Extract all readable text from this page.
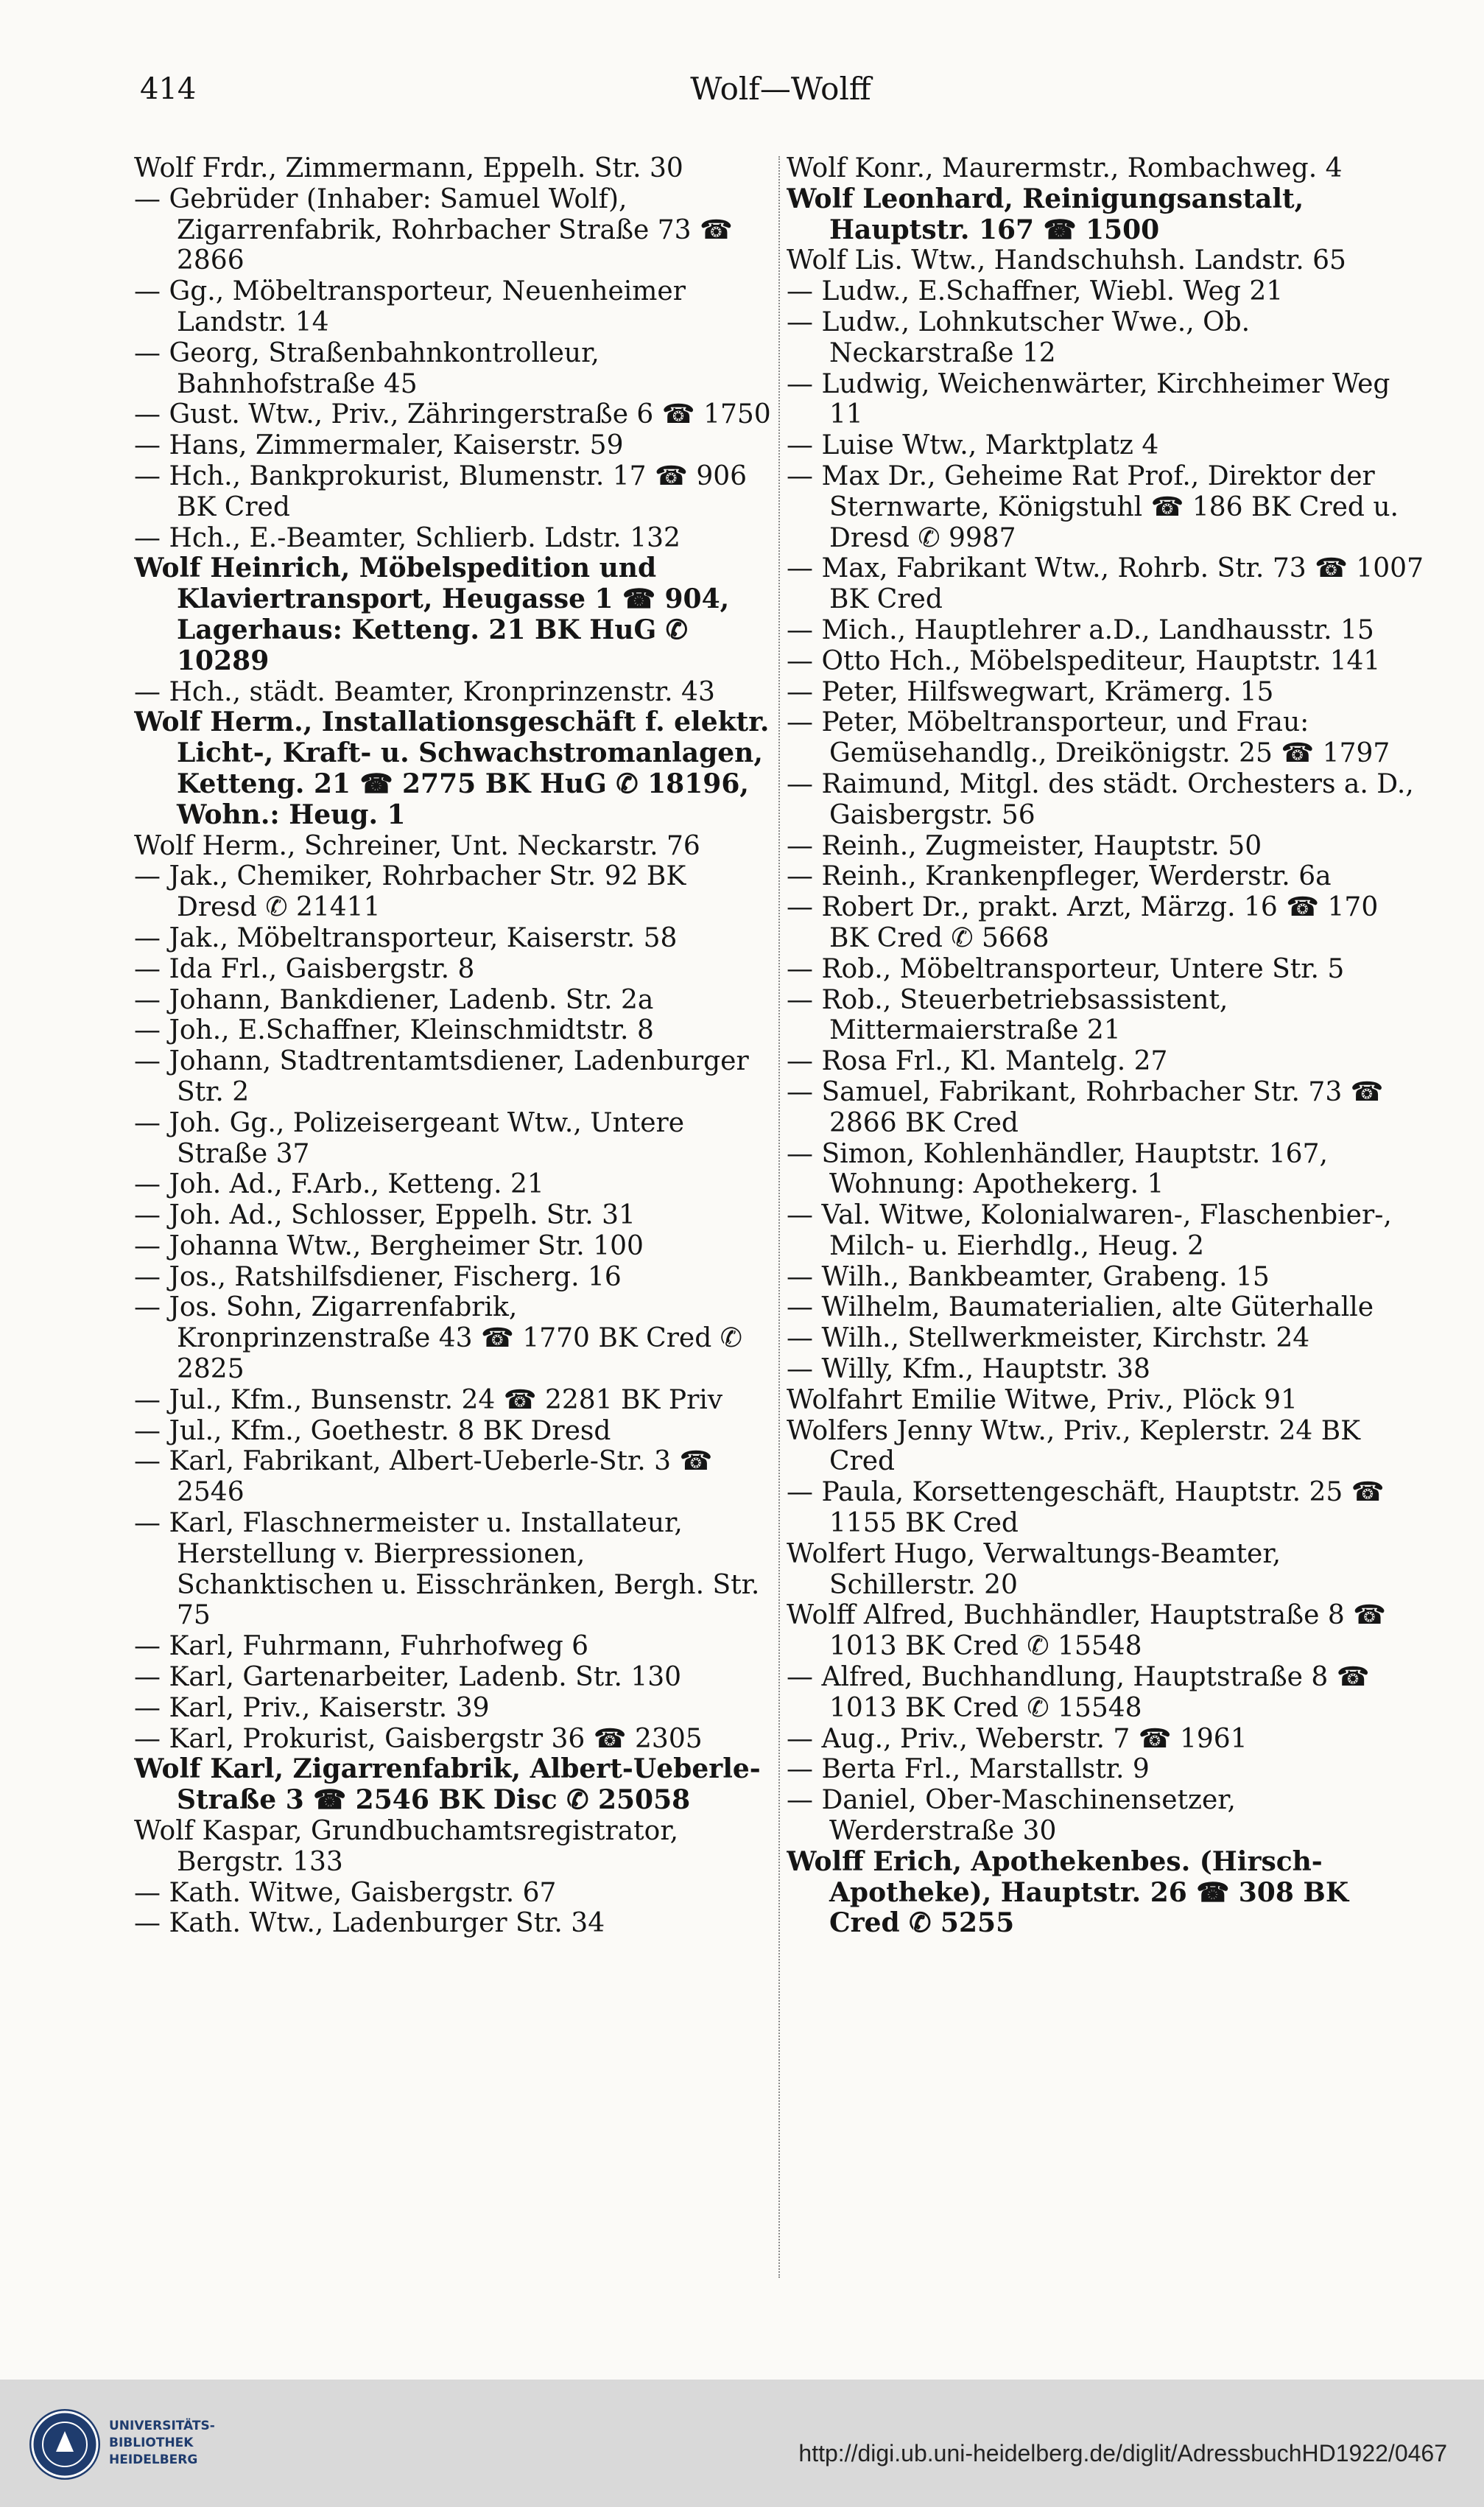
414	Wolf—Wolff

Wolf Frdr., Zimmermann, Eppelh. Str. 30

— Gebrüder (Inhaber: Samuel Wolf), Zigarrenfabrik, Rohrbacher Straße 73 ☎ 2866

— Gg., Möbeltransporteur, Neuenheimer Landstr. 14

— Georg, Straßenbahnkontrolleur, Bahnhofstraße 45

— Gust. Wtw., Priv., Zähringerstraße 6 ☎ 1750

— Hans, Zimmermaler, Kaiserstr. 59

— Hch., Bankprokurist, Blumenstr. 17 ☎ 906 BK Cred

— Hch., E.-Beamter, Schlierb. Ldstr. 132

Wolf Heinrich, Möbelspedition und Klaviertransport, Heugasse 1 ☎ 904, Lagerhaus: Ketteng. 21 BK HuG ✆ 10289

— Hch., städt. Beamter, Kronprinzenstr. 43

Wolf Herm., Installationsgeschäft f. elektr. Licht-, Kraft- u. Schwachstromanlagen, Ketteng. 21 ☎ 2775 BK HuG ✆ 18196, Wohn.: Heug. 1

Wolf Herm., Schreiner, Unt. Neckarstr. 76

— Jak., Chemiker, Rohrbacher Str. 92 BK Dresd ✆ 21411

— Jak., Möbeltransporteur, Kaiserstr. 58

— Ida Frl., Gaisbergstr. 8

— Johann, Bankdiener, Ladenb. Str. 2a

— Joh., E.Schaffner, Kleinschmidtstr. 8

— Johann, Stadtrentamtsdiener, Ladenburger Str. 2

— Joh. Gg., Polizeisergeant Wtw., Untere Straße 37

— Joh. Ad., F.Arb., Ketteng. 21

— Joh. Ad., Schlosser, Eppelh. Str. 31

— Johanna Wtw., Bergheimer Str. 100

— Jos., Ratshilfsdiener, Fischerg. 16

— Jos. Sohn, Zigarrenfabrik, Kronprinzenstraße 43 ☎ 1770 BK Cred ✆ 2825

— Jul., Kfm., Bunsenstr. 24 ☎ 2281 BK Priv

— Jul., Kfm., Goethestr. 8 BK Dresd

— Karl, Fabrikant, Albert-Ueberle-Str. 3 ☎ 2546

— Karl, Flaschnermeister u. Installateur, Herstellung v. Bierpressionen, Schanktischen u. Eisschränken, Bergh. Str. 75

— Karl, Fuhrmann, Fuhrhofweg 6

— Karl, Gartenarbeiter, Ladenb. Str. 130

— Karl, Priv., Kaiserstr. 39

— Karl, Prokurist, Gaisbergstr 36 ☎ 2305

Wolf Karl, Zigarrenfabrik, Albert-Ueberle-Straße 3 ☎ 2546 BK Disc ✆ 25058

Wolf Kaspar, Grundbuchamtsregistrator, Bergstr. 133

— Kath. Witwe, Gaisbergstr. 67

— Kath. Wtw., Ladenburger Str. 34

Wolf Konr., Maurermstr., Rombachweg. 4

Wolf Leonhard, Reinigungsanstalt, Hauptstr. 167 ☎ 1500

Wolf Lis. Wtw., Handschuhsh. Landstr. 65

— Ludw., E.Schaffner, Wiebl. Weg 21

— Ludw., Lohnkutscher Wwe., Ob. Neckarstraße 12

— Ludwig, Weichenwärter, Kirchheimer Weg 11

— Luise Wtw., Marktplatz 4

— Max Dr., Geheime Rat Prof., Direktor der Sternwarte, Königstuhl ☎ 186 BK Cred u. Dresd ✆ 9987

— Max, Fabrikant Wtw., Rohrb. Str. 73 ☎ 1007 BK Cred

— Mich., Hauptlehrer a.D., Landhausstr. 15

— Otto Hch., Möbelspediteur, Hauptstr. 141

— Peter, Hilfswegwart, Krämerg. 15

— Peter, Möbeltransporteur, und Frau: Gemüsehandlg., Dreikönigstr. 25 ☎ 1797

— Raimund, Mitgl. des städt. Orchesters a. D., Gaisbergstr. 56

— Reinh., Zugmeister, Hauptstr. 50

— Reinh., Krankenpfleger, Werderstr. 6a

— Robert Dr., prakt. Arzt, Märzg. 16 ☎ 170 BK Cred ✆ 5668

— Rob., Möbeltransporteur, Untere Str. 5

— Rob., Steuerbetriebsassistent, Mittermaierstraße 21

— Rosa Frl., Kl. Mantelg. 27

— Samuel, Fabrikant, Rohrbacher Str. 73 ☎ 2866 BK Cred

— Simon, Kohlenhändler, Hauptstr. 167, Wohnung: Apothekerg. 1

— Val. Witwe, Kolonialwaren-, Flaschenbier-, Milch- u. Eierhdlg., Heug. 2

— Wilh., Bankbeamter, Grabeng. 15

— Wilhelm, Baumaterialien, alte Güterhalle

— Wilh., Stellwerkmeister, Kirchstr. 24

— Willy, Kfm., Hauptstr. 38

Wolfahrt Emilie Witwe, Priv., Plöck 91

Wolfers Jenny Wtw., Priv., Keplerstr. 24 BK Cred

— Paula, Korsettengeschäft, Hauptstr. 25 ☎ 1155 BK Cred

Wolfert Hugo, Verwaltungs-Beamter, Schillerstr. 20

Wolff Alfred, Buchhändler, Hauptstraße 8 ☎ 1013 BK Cred ✆ 15548

— Alfred, Buchhandlung, Hauptstraße 8 ☎ 1013 BK Cred ✆ 15548

— Aug., Priv., Weberstr. 7 ☎ 1961

— Berta Frl., Marstallstr. 9

— Daniel, Ober-Maschinensetzer, Werderstraße 30

Wolff Erich, Apothekenbes. (Hirsch-Apotheke), Hauptstr. 26 ☎ 308 BK Cred ✆ 5255

UNIVERSITÄTS-BIBLIOTHEK HEIDELBERG	http://digi.ub.uni-heidelberg.de/diglit/AdressbuchHD1922/0467
